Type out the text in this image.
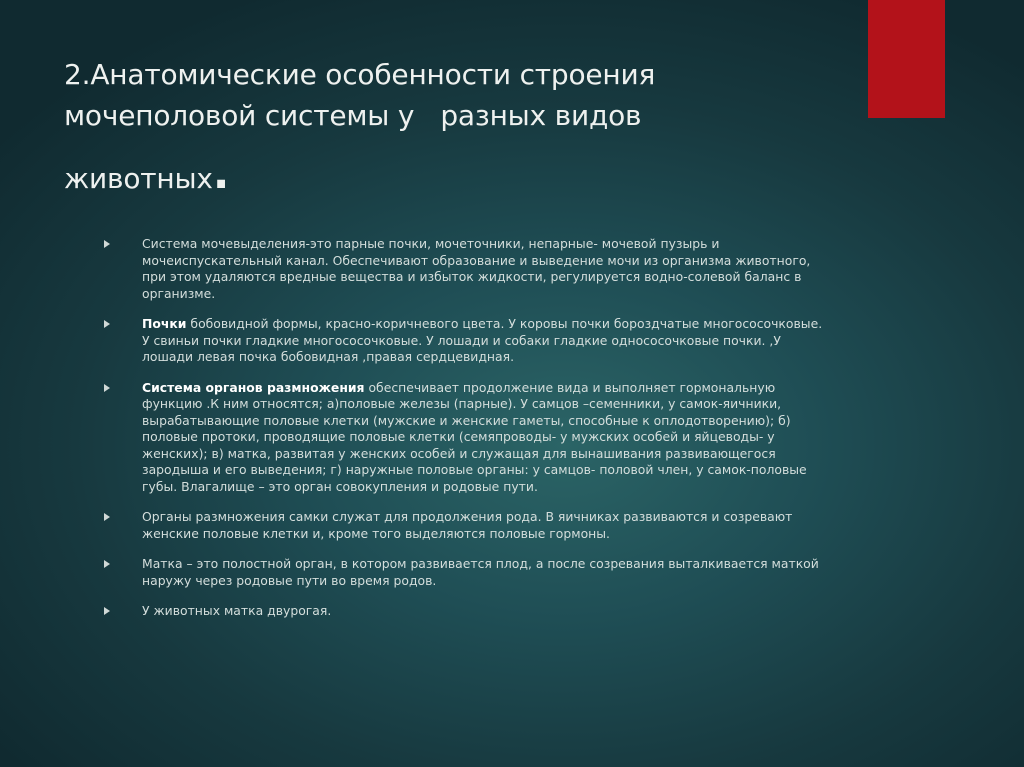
2.Анатомические особенности строения
мочеполовой системы у   разных видов
животных.
Система мочевыделения-это парные почки, мочеточники, непарные- мочевой пузырь и мочеиспускательный канал. Обеспечивают образование и выведение мочи из организма животного, при этом удаляются вредные вещества и избыток жидкости, регулируется водно-солевой баланс в организме.
Почки бобовидной формы, красно-коричневого цвета. У коровы почки бороздчатые многососочковые. У свиньи почки гладкие многососочковые. У лошади и собаки гладкие однососочковые почки. ,У лошади левая почка бобовидная ,правая сердцевидная.
Система органов размножения обеспечивает продолжение вида и выполняет гормональную функцию .К ним относятся; а)половые железы (парные). У самцов –семенники, у самок-яичники, вырабатывающие половые клетки (мужские и женские гаметы, способные к оплодотворению); б) половые протоки, проводящие половые клетки (семяпроводы- у мужских особей и яйцеводы- у женских); в) матка, развитая у женских особей и служащая для вынашивания развивающегося зародыша и его выведения; г) наружные половые органы: у самцов- половой член, у самок-половые губы. Влагалище – это орган совокупления и родовые пути.
Органы размножения самки служат для продолжения рода. В яичниках развиваются и созревают женские половые клетки и, кроме того выделяются половые гормоны.
Матка – это полостной орган, в котором развивается плод, а после созревания выталкивается маткой наружу через родовые пути во время родов.
У животных матка двурогая.
